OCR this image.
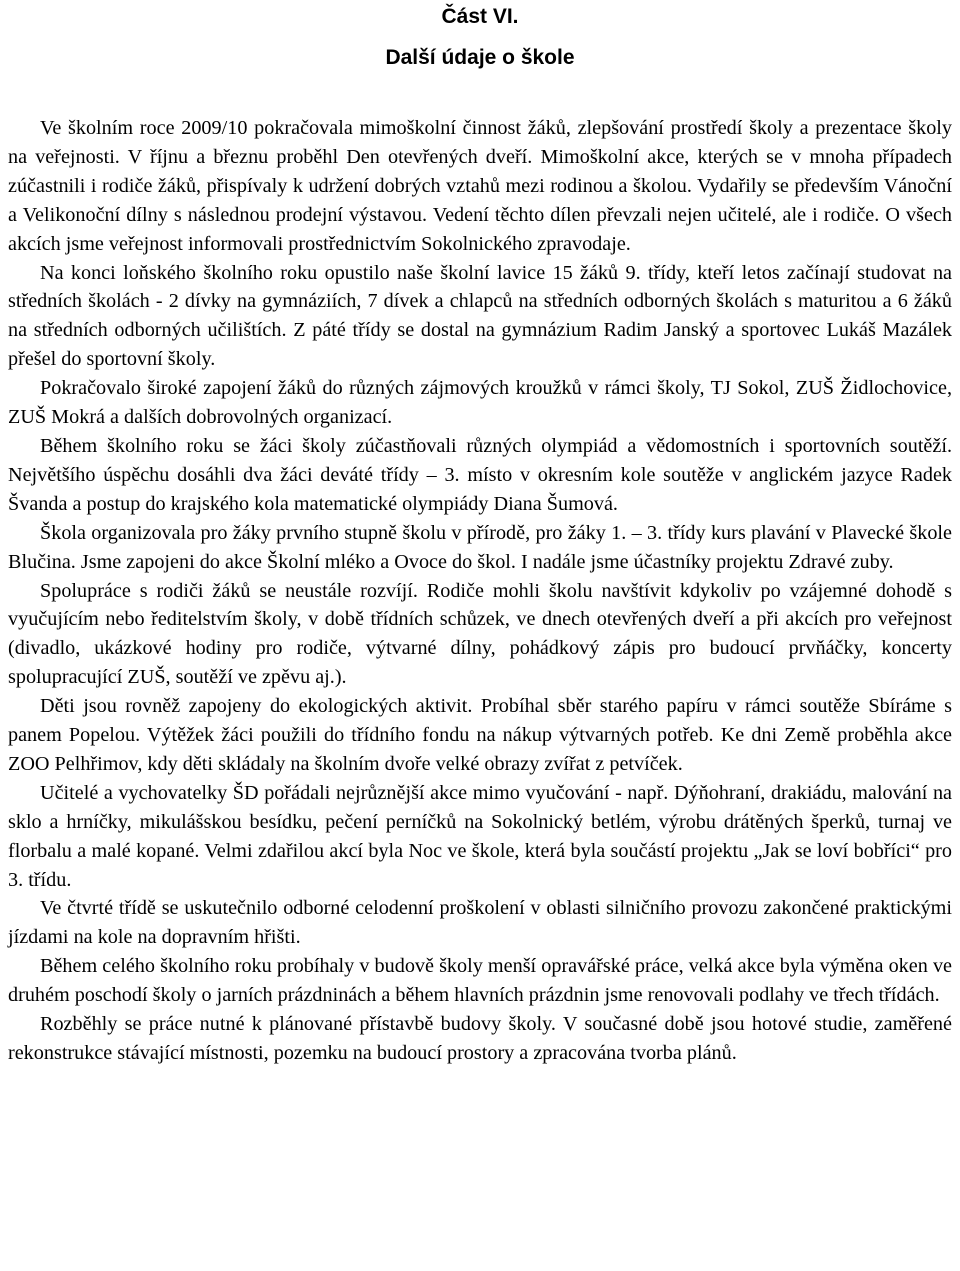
Část VI.
Další údaje o škole

Ve školním roce 2009/10 pokračovala mimoškolní činnost žáků, zlepšování prostředí školy a prezentace školy na veřejnosti. V říjnu a březnu proběhl Den otevřených dveří. Mimoškolní akce, kterých se v mnoha případech zúčastnili i rodiče žáků, přispívaly k udržení dobrých vztahů mezi rodinou a školou. Vydařily se především Vánoční a Velikonoční dílny s následnou prodejní výstavou. Vedení těchto dílen převzali nejen učitelé, ale i rodiče. O všech akcích jsme veřejnost informovali prostřednictvím Sokolnického zpravodaje.

Na konci loňského školního roku opustilo naše školní lavice 15 žáků 9. třídy, kteří letos začínají studovat na středních školách - 2 dívky na gymnáziích, 7 dívek a chlapců na středních odborných školách s maturitou a 6 žáků na středních odborných učilištích. Z páté třídy se dostal na gymnázium Radim Janský a sportovec Lukáš Mazálek přešel do sportovní školy.

Pokračovalo široké zapojení žáků do různých zájmových kroužků v rámci školy, TJ Sokol, ZUŠ Židlochovice, ZUŠ Mokrá a dalších dobrovolných organizací.

Během školního roku se žáci školy zúčastňovali různých olympiád a vědomostních i sportovních soutěží. Největšího úspěchu dosáhli dva žáci deváté třídy – 3. místo v okresním kole soutěže v anglickém jazyce Radek Švanda a postup do krajského kola matematické olympiády Diana Šumová.

Škola organizovala pro žáky prvního stupně školu v přírodě, pro žáky 1. – 3. třídy kurs plavání v Plavecké škole Blučina. Jsme zapojeni do akce Školní mléko a Ovoce do škol. I nadále jsme účastníky projektu Zdravé zuby.

Spolupráce s rodiči žáků se neustále rozvíjí. Rodiče mohli školu navštívit kdykoliv po vzájemné dohodě s vyučujícím nebo ředitelstvím školy, v době třídních schůzek, ve dnech otevřených dveří a při akcích pro veřejnost (divadlo, ukázkové hodiny pro rodiče, výtvarné dílny, pohádkový zápis pro budoucí prvňáčky, koncerty spolupracující ZUŠ, soutěží ve zpěvu aj.).

Děti jsou rovněž zapojeny do ekologických aktivit. Probíhal sběr starého papíru v rámci soutěže Sbíráme s panem Popelou. Výtěžek žáci použili do třídního fondu na nákup výtvarných potřeb. Ke dni Země proběhla akce ZOO Pelhřimov, kdy děti skládaly na školním dvoře velké obrazy zvířat z petvíček.

Učitelé a vychovatelky ŠD pořádali nejrůznější akce mimo vyučování - např. Dýňohraní, drakiádu, malování na sklo a hrníčky, mikulášskou besídku, pečení perníčků na Sokolnický betlém, výrobu drátěných šperků, turnaj ve florbalu a malé kopané. Velmi zdařilou akcí byla Noc ve škole, která byla součástí projektu „Jak se loví bobříci“ pro 3. třídu.

Ve čtvrté třídě se uskutečnilo odborné celodenní proškolení v oblasti silničního provozu zakončené praktickými jízdami na kole na dopravním hřišti.

Během celého školního roku probíhaly v budově školy menší opravářské práce, velká akce byla výměna oken ve druhém poschodí školy o jarních prázdninách a během hlavních prázdnin jsme renovovali podlahy ve třech třídách.

Rozběhly se práce nutné k plánované přístavbě budovy školy. V současné době jsou hotové studie, zaměřené rekonstrukce stávající místnosti, pozemku na budoucí prostory a zpracována tvorba plánů.
